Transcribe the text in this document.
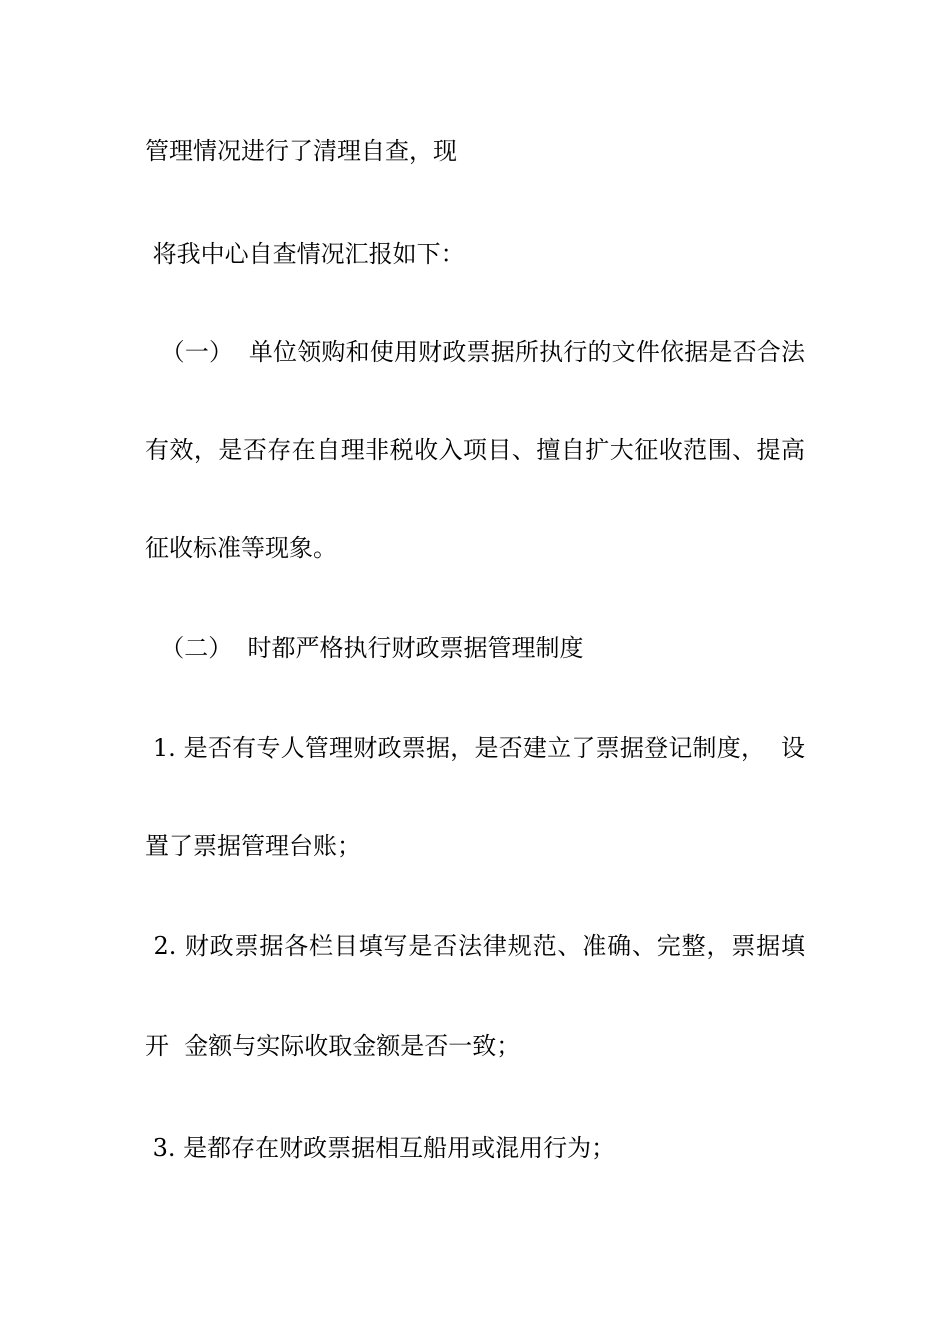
管理情况进行了清理自查，现
将我中心自查情况汇报如下：
（一）  单位领购和使用财政票据所执行的文件依据是否合法
有效，是否存在自理非税收入项目、擅自扩大征收范围、提高
征收标准等现象。
（二）  时都严格执行财政票据管理制度
1. 是否有专人管理财政票据，是否建立了票据登记制度，  设
置了票据管理台账；
2. 财政票据各栏目填写是否法律规范、准确、完整，票据填
开  金额与实际收取金额是否一致；
3. 是都存在财政票据相互船用或混用行为；
